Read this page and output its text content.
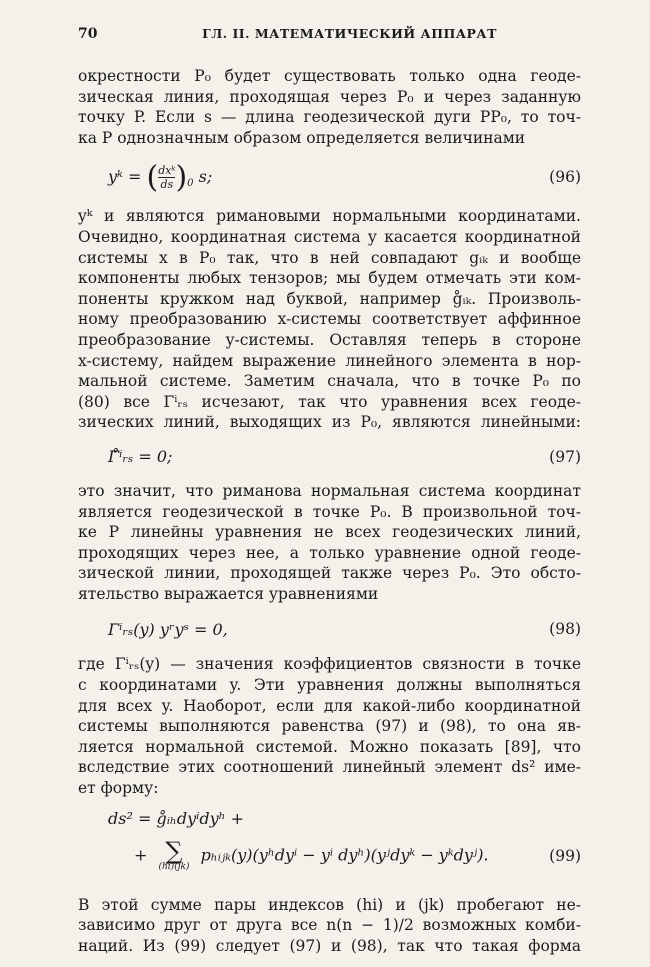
70	ГЛ. II. МАТЕМАТИЧЕСКИЙ АППАРАТ

окрестности P₀ будет существовать только одна геоде-
зическая линия, проходящая через P₀ и через заданную
точку P. Если s — длина геодезической дуги PP₀, то точ-
ка P однозначным образом определяется величинами

yᵏ = ( $\frac{\text{dxᵏ}}{ds} )_0$ s;	(96)

yᵏ и являются римановыми нормальными координатами.
Очевидно, координатная система y касается координатной
системы x в P₀ так, что в ней совпадают gᵢₖ и вообще
компоненты любых тензоров; мы будем отмечать эти ком-
поненты кружком над буквой, например g̊ᵢₖ. Произволь-
ному преобразованию x-системы соответствует аффинное
преобразование y-системы. Оставляя теперь в стороне
x-систему, найдем выражение линейного элемента в нор-
мальной системе. Заметим сначала, что в точке P₀ по
(80) все Γⁱᵣₛ исчезают, так что уравнения всех геоде-
зических линий, выходящих из P₀, являются линейными:

Γ̊ⁱᵣₛ = 0;	(97)

это значит, что риманова нормальная система координат
является геодезической в точке P₀. В произвольной точ-
ке P линейны уравнения не всех геодезических линий,
проходящих через нее, а только уравнение одной геоде-
зической линии, проходящей также через P₀. Это обсто-
ятельство выражается уравнениями

Γⁱᵣₛ(y) yʳyˢ = 0,	(98)

где Γⁱᵣₛ(y) — значения коэффициентов связности в точке
с координатами y. Эти уравнения должны выполняться
для всех y. Наоборот, если для какой-либо координатной
системы выполняются равенства (97) и (98), то она яв-
ляется нормальной системой. Можно показать [89], что
вследствие этих соотношений линейный элемент ds² име-
ет форму:

ds² = g̊ᵢₕdyⁱdyʰ +
+ ∑
(hi)(jk)
pₕᵢⱼₖ(y)(yʰdyⁱ − yⁱ dyʰ)(yʲdyᵏ − yᵏdyʲ).	(99)

В этой сумме пары индексов (hi) и (jk) пробегают не-
зависимо друг от друга все n(n − 1)/2 возможных комби-
наций. Из (99) следует (97) и (98), так что такая форма
